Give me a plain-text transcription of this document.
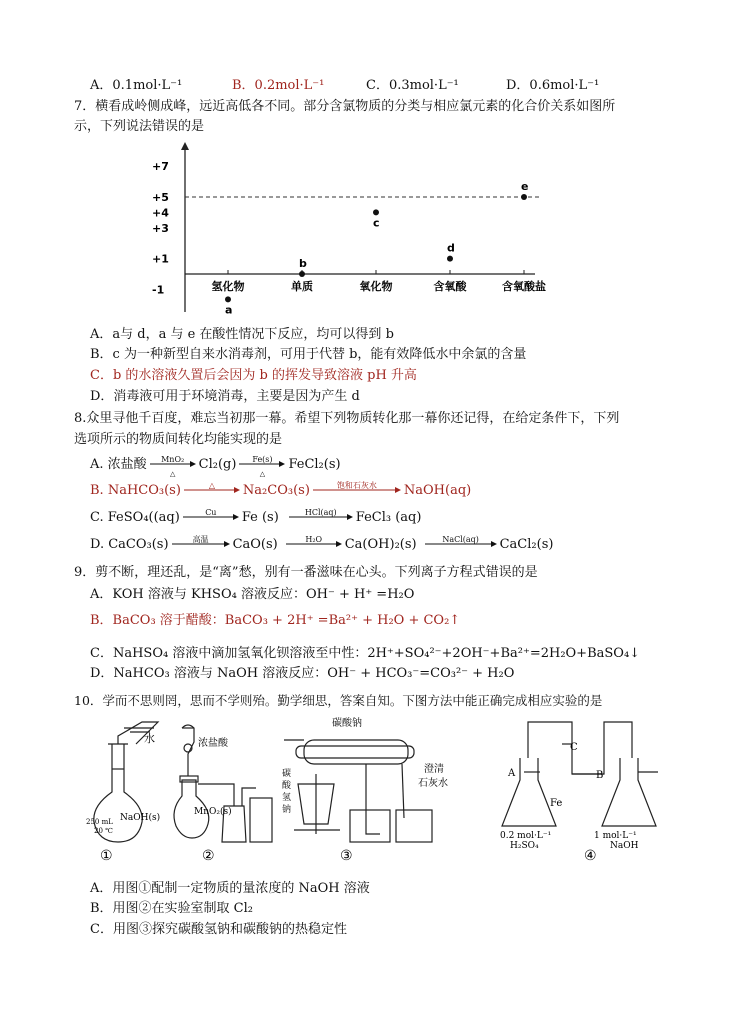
A．0.1mol·L⁻¹	B．0.2mol·L⁻¹	C．0.3mol·L⁻¹	D．0.6mol·L⁻¹
7．横看成岭侧成峰，远近高低各不同。部分含氯物质的分类与相应氯元素的化合价关系如图所
示，下列说法错误的是
+7
+5
+4
+3
+1
-1	氢化物	单质	氧化物	含氧酸	含氧酸盐
a
b
c
d
e
A．a与 d，a 与 e 在酸性情况下反应，均可以得到 b
B．c 为一种新型自来水消毒剂，可用于代替 b，能有效降低水中余氯的含量
C．b 的水溶液久置后会因为 b 的挥发导致溶液 pH 升高
D．消毒液可用于环境消毒，主要是因为产生 d
8.众里寻他千百度，难忘当初那一幕。希望下列物质转化那一幕你还记得，在给定条件下，下列
选项所示的物质间转化均能实现的是
A. 浓盐酸	MnO₂
△
Cl₂(g)	Fe(s)
△
FeCl₂(s)
B. NaHCO₃(s)	△	Na₂CO₃(s)	饱和石灰水	NaOH(aq)
C. FeSO₄((aq)	Cu	Fe (s)	HCl(aq)	FeCl₃ (aq)
D. CaCO₃(s)	高温	CaO(s)	H₂O	Ca(OH)₂(s)	NaCl(aq)	CaCl₂(s)
9．剪不断，理还乱，是“离”愁，别有一番滋味在心头。下列离子方程式错误的是
A．KOH 溶液与 KHSO₄ 溶液反应：OH⁻ + H⁺ =H₂O
B．BaCO₃ 溶于醋酸：BaCO₃ + 2H⁺ =Ba²⁺ + H₂O + CO₂↑
C．NaHSO₄ 溶液中滴加氢氧化钡溶液至中性：2H⁺+SO₄²⁻+2OH⁻+Ba²⁺=2H₂O+BaSO₄↓
D．NaHCO₃ 溶液与 NaOH 溶液反应：OH⁻ + HCO₃⁻=CO₃²⁻ + H₂O
10．学而不思则罔，思而不学则殆。勤学细思，答案自知。下图方法中能正确完成相应实验的是
水
250 mL
20 ℃
NaOH(s)
①
浓盐酸
MnO₂(s)
②
碳酸钠
碳
酸
氢
钠
澄清
石灰水
③
A	B
C
Fe
0.2 mol·L⁻¹
H₂SO₄
1 mol·L⁻¹
NaOH
④
A．用图①配制一定物质的量浓度的 NaOH 溶液
B．用图②在实验室制取 Cl₂
C．用图③探究碳酸氢钠和碳酸钠的热稳定性
